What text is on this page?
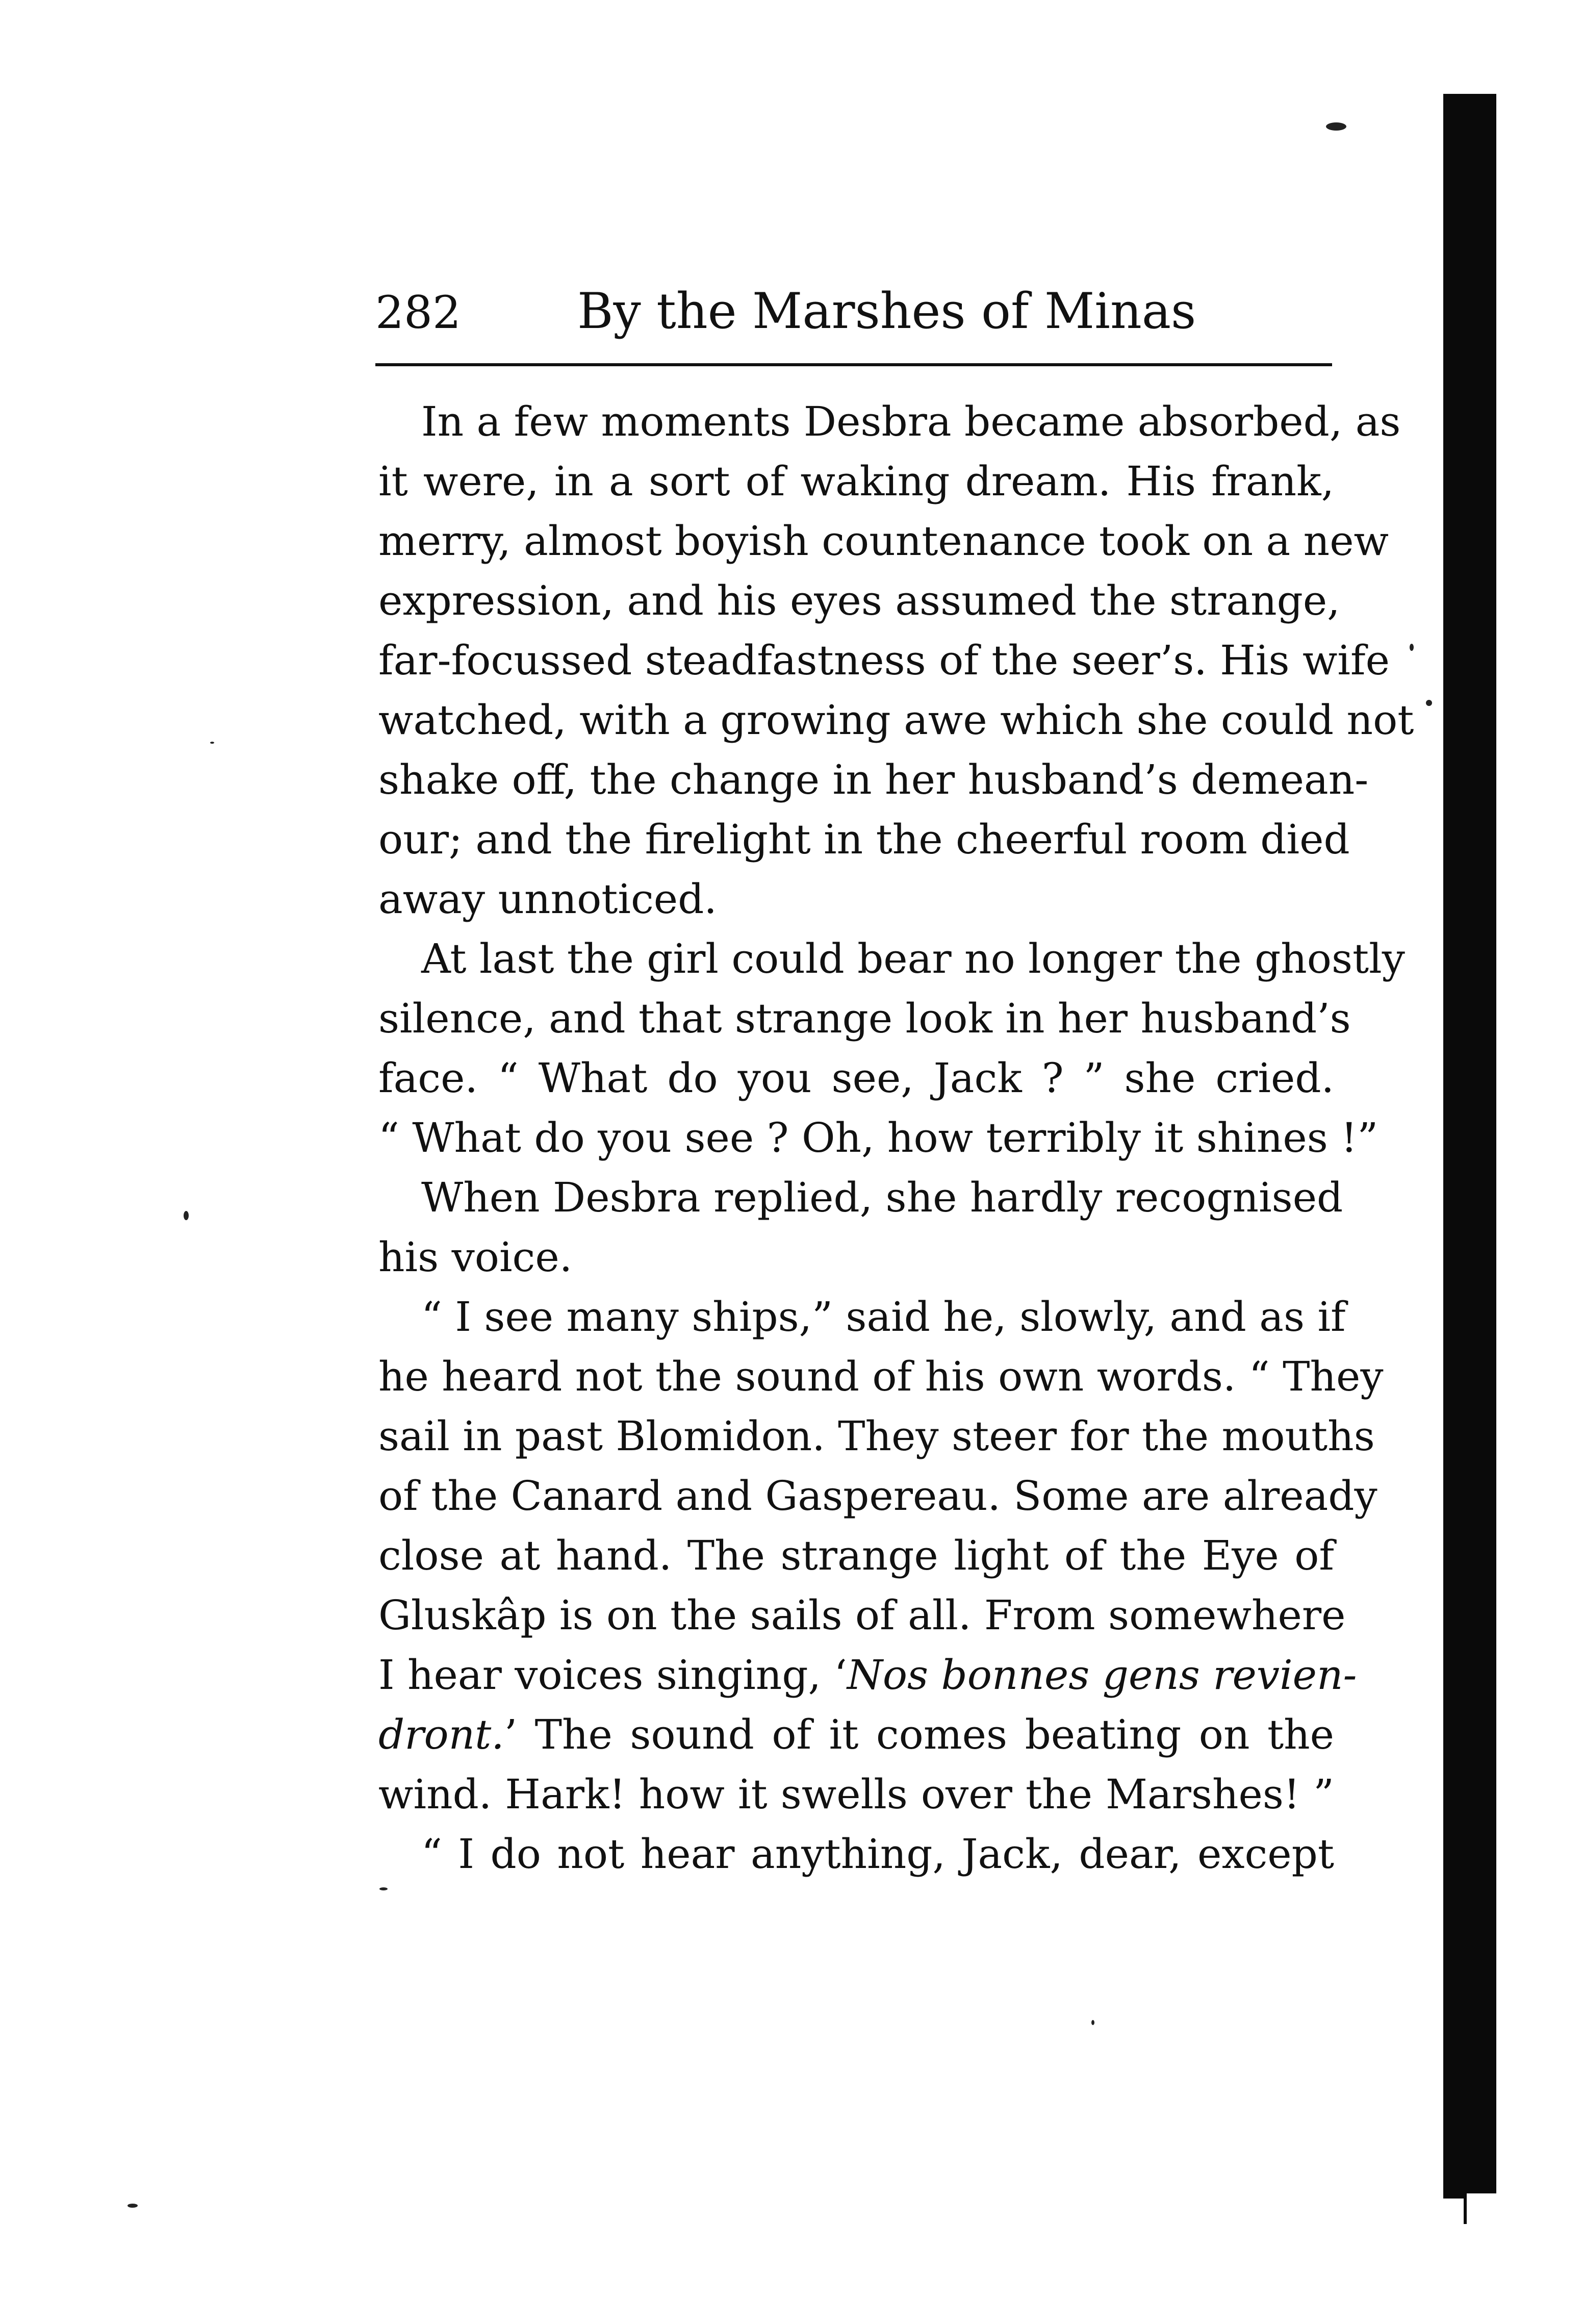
282 By the Marshes of Minas
In a few moments Desbra became absorbed, as
it were, in a sort of waking dream. His frank,
merry, almost boyish countenance took on a new
expression, and his eyes assumed the strange,
far-focussed steadfastness of the seer’s. His wife
watched, with a growing awe which she could not
shake off, the change in her husband’s demean-
our; and the firelight in the cheerful room died
away unnoticed.
At last the girl could bear no longer the ghostly
silence, and that strange look in her husband’s
face. “ What do you see, Jack ? ” she cried.
“ What do you see ? Oh, how terribly it shines !”
When Desbra replied, she hardly recognised
his voice.
“ I see many ships,” said he, slowly, and as if
he heard not the sound of his own words. “ They
sail in past Blomidon. They steer for the mouths
of the Canard and Gaspereau. Some are already
close at hand. The strange light of the Eye of
Gluskâp is on the sails of all. From somewhere
I hear voices singing, ‘Nos bonnes gens revien-
dront.’ The sound of it comes beating on the
wind. Hark! how it swells over the Marshes! ”
“ I do not hear anything, Jack, dear, except
